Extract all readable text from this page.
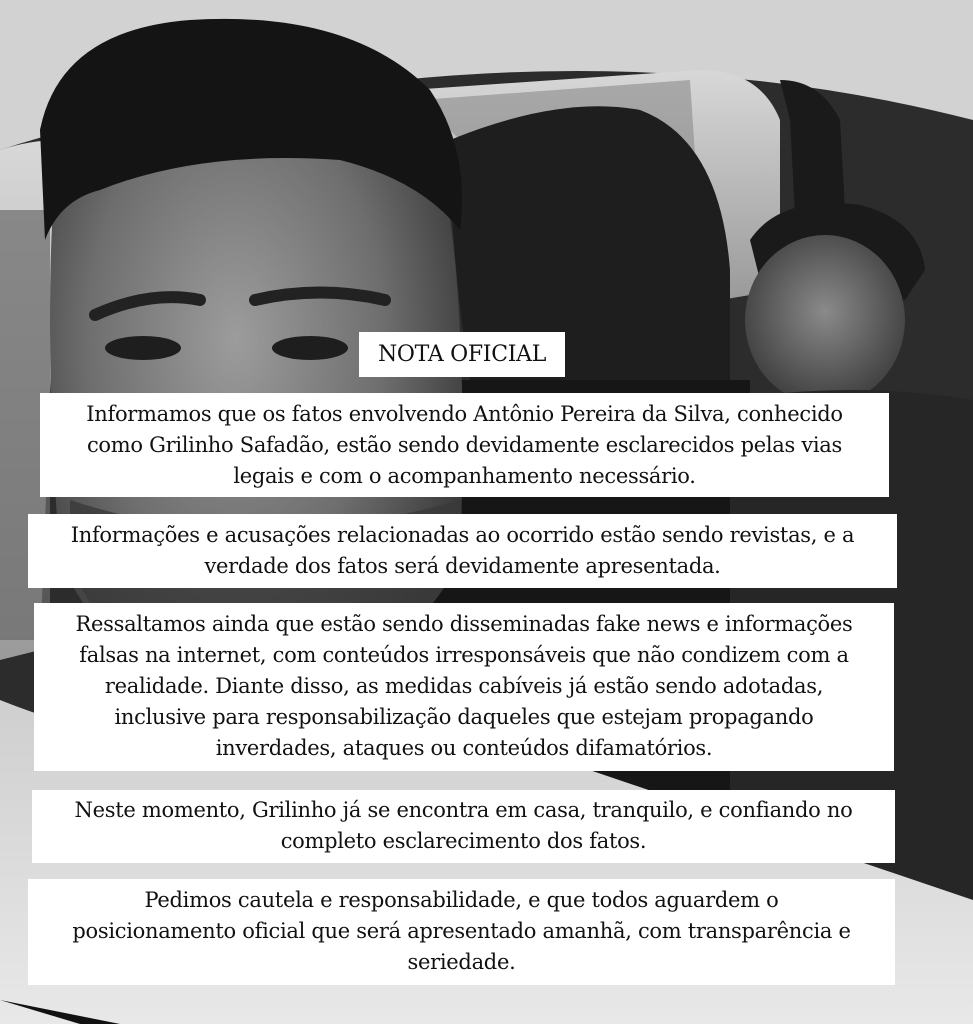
NOTA OFICIAL
Informamos que os fatos envolvendo Antônio Pereira da Silva, conhecido
como Grilinho Safadão, estão sendo devidamente esclarecidos pelas vias
legais e com o acompanhamento necessário.
Informações e acusações relacionadas ao ocorrido estão sendo revistas, e a
verdade dos fatos será devidamente apresentada.
Ressaltamos ainda que estão sendo disseminadas fake news e informações
falsas na internet, com conteúdos irresponsáveis que não condizem com a
realidade. Diante disso, as medidas cabíveis já estão sendo adotadas,
inclusive para responsabilização daqueles que estejam propagando
inverdades, ataques ou conteúdos difamatórios.
Neste momento, Grilinho já se encontra em casa, tranquilo, e confiando no
completo esclarecimento dos fatos.
Pedimos cautela e responsabilidade, e que todos aguardem o
posicionamento oficial que será apresentado amanhã, com transparência e
seriedade.
